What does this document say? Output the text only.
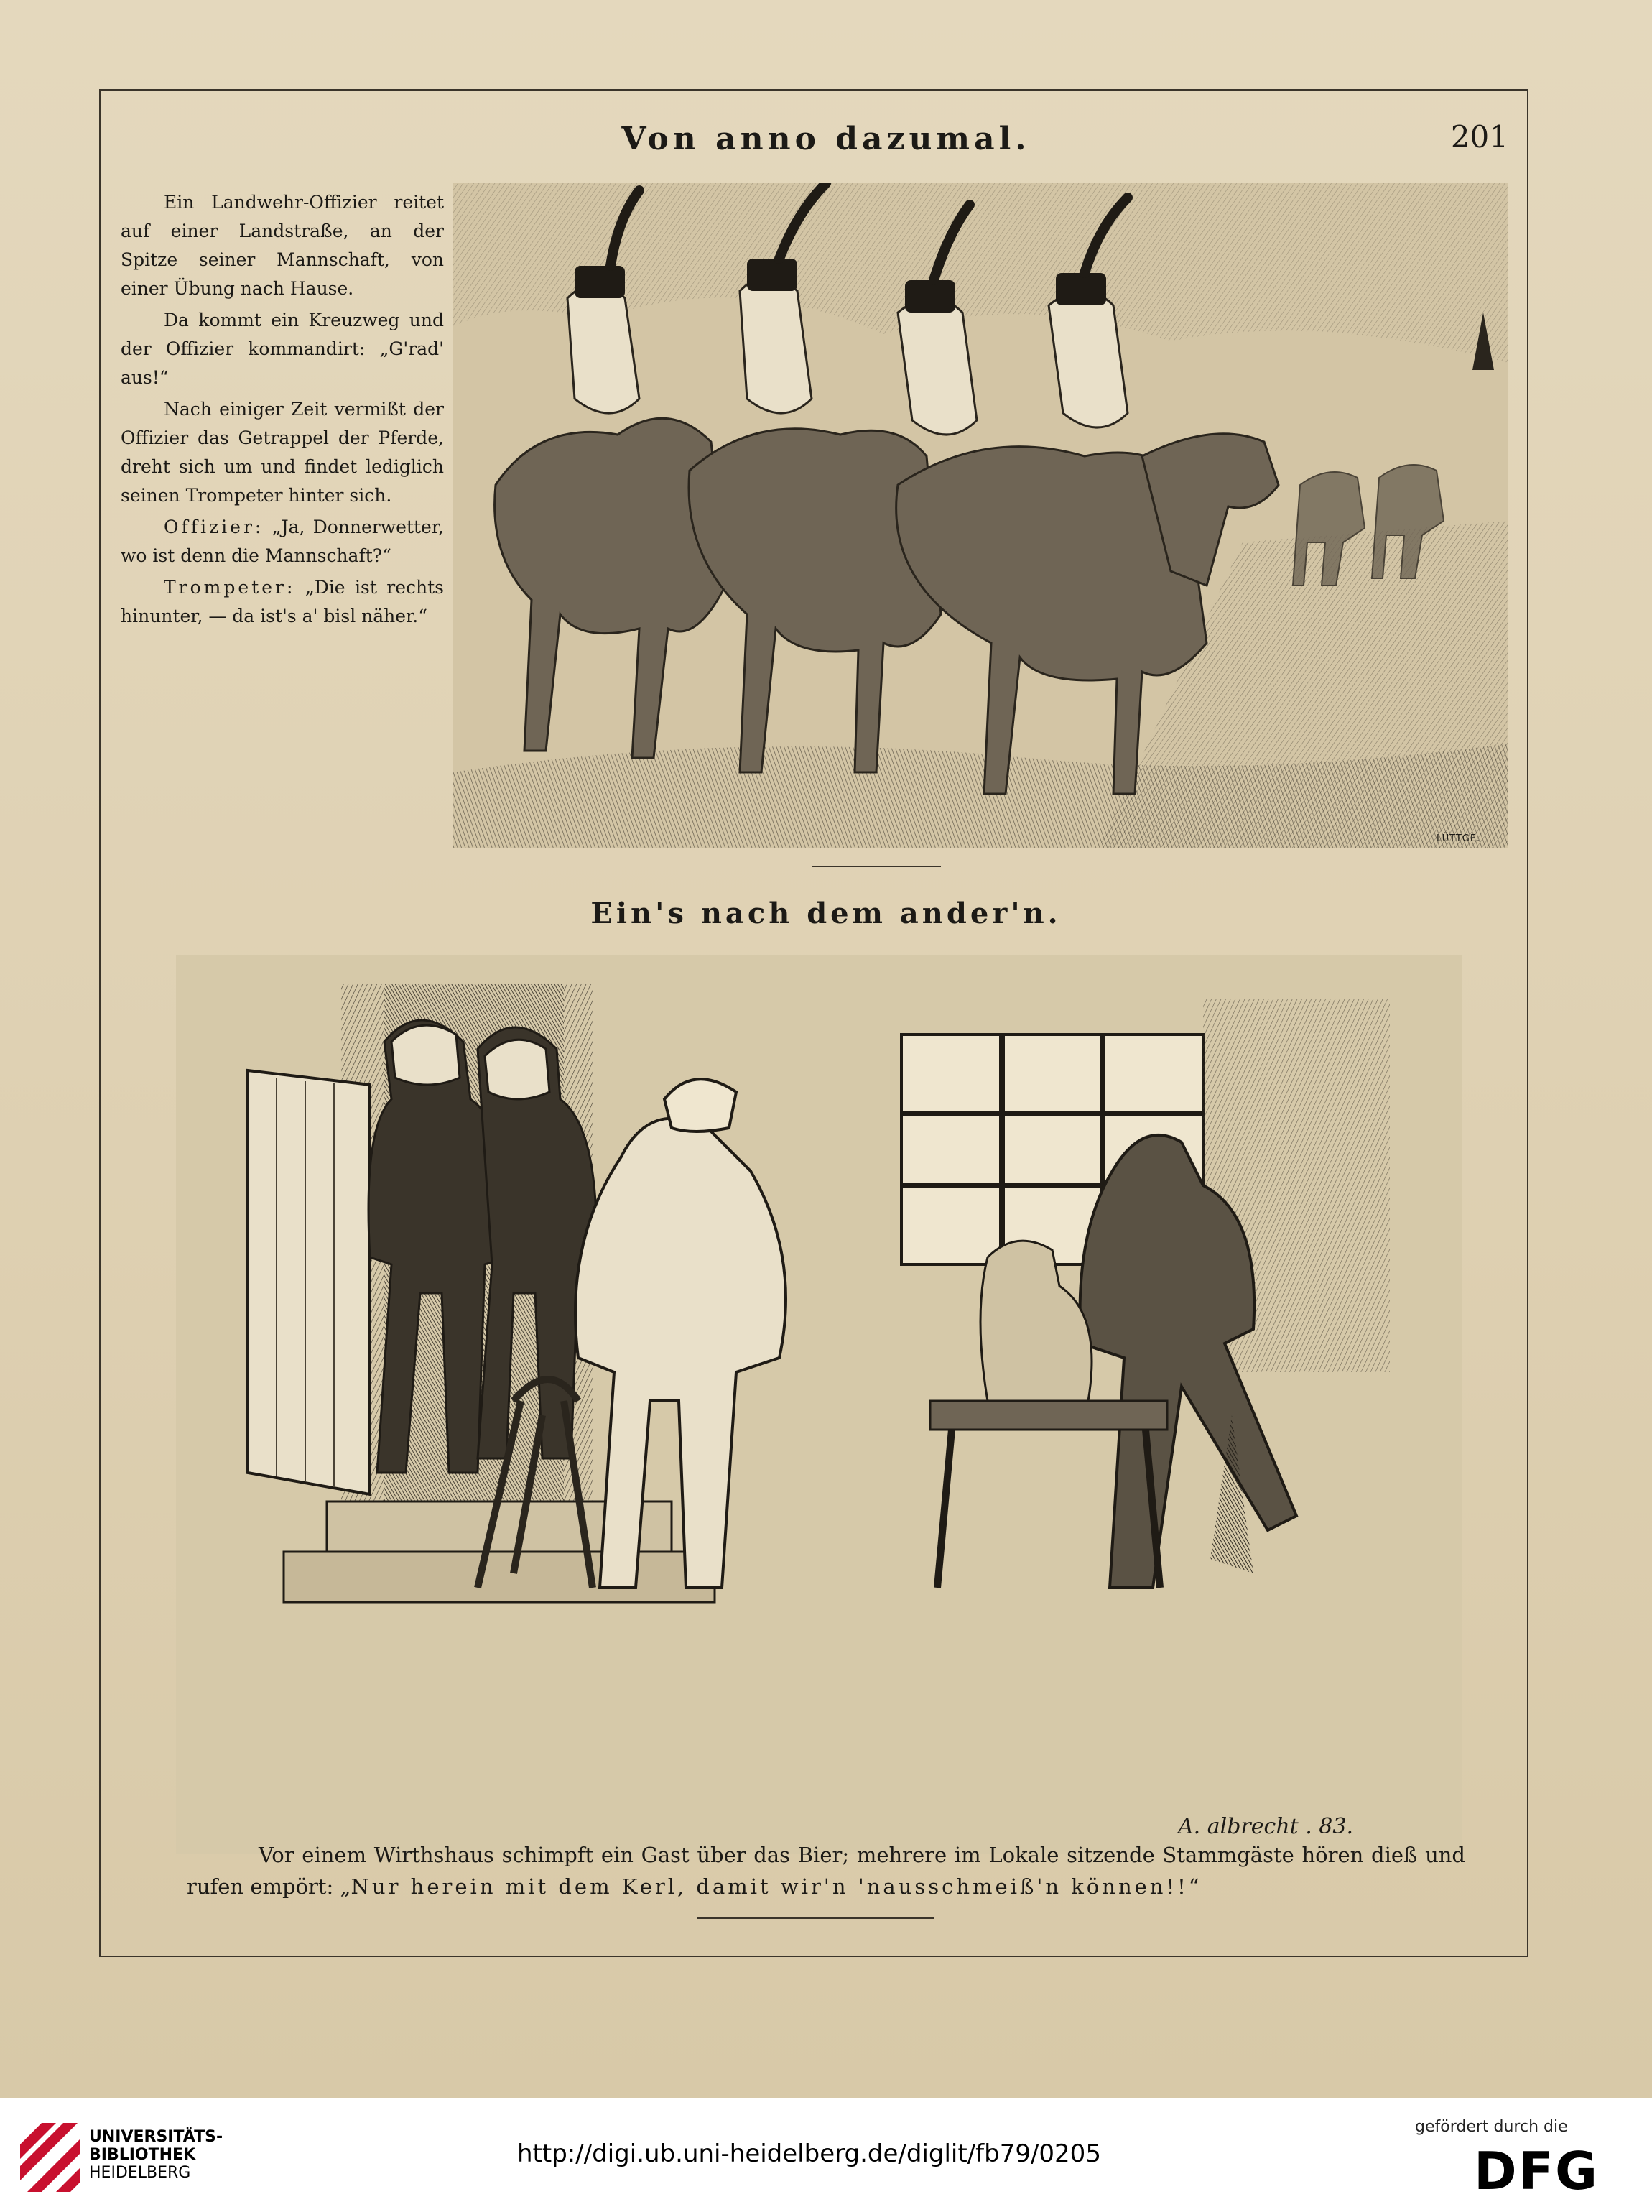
Von anno dazumal.	201

Ein Landwehr-Offizier reitet auf einer Landstraße, an der Spitze seiner Mannschaft, von einer Übung nach Hause.

Da kommt ein Kreuzweg und der Offizier kommandirt: „G'rad' aus!“

Nach einiger Zeit vermißt der Offizier das Getrappel der Pferde, dreht sich um und findet lediglich seinen Trompeter hinter sich.

Offizier: „Ja, Donnerwetter, wo ist denn die Mannschaft?“

Trompeter: „Die ist rechts hinunter, — da ist's a' bisl näher.“

LÜTTGE.
Ein's nach dem ander'n.
A. albrecht . 83.
Vor einem Wirthshaus schimpft ein Gast über das Bier; mehrere im Lokale sitzende Stammgäste hören dieß und rufen empört: „Nur herein mit dem Kerl, damit wir'n 'nausschmeiß'n können!!“
UNIVERSITÄTS-
BIBLIOTHEK
HEIDELBERG
http://digi.ub.uni-heidelberg.de/diglit/fb79/0205
gefördert durch die
DFG
